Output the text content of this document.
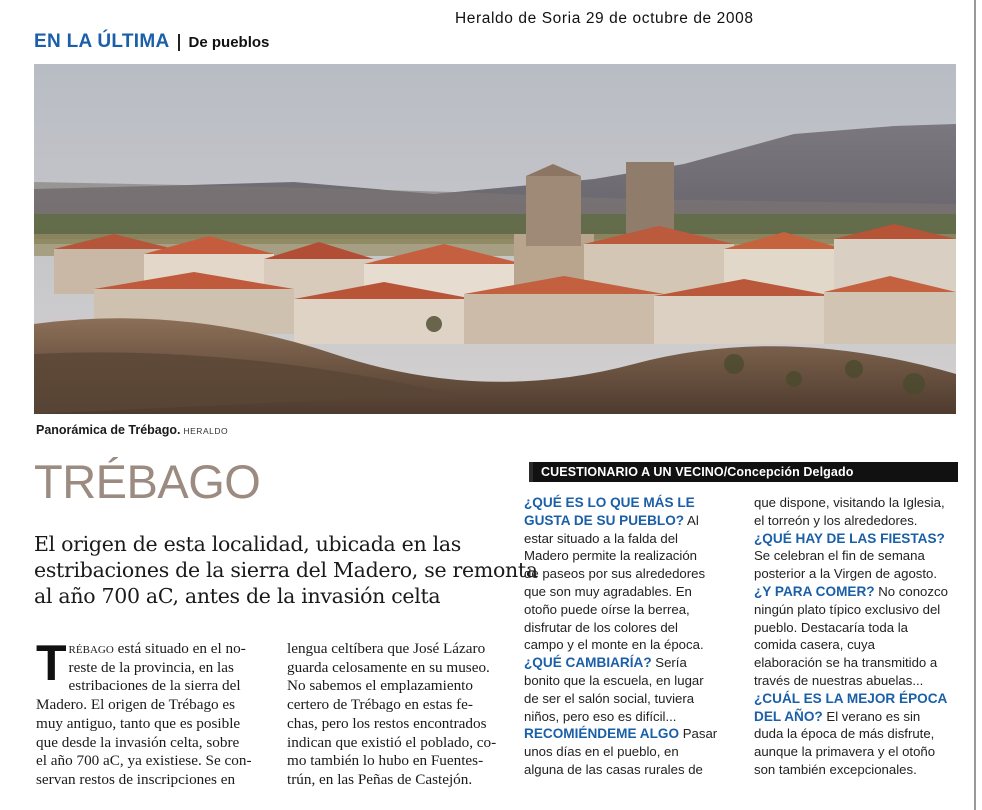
Heraldo de Soria 29 de octubre de 2008
EN LA ÚLTIMA De pueblos
Panorámica de Trébago. HERALDO
TRÉBAGO
El origen de esta localidad, ubicada en las
estribaciones de la sierra del Madero, se remonta
al año 700 aC, antes de la invasión celta
T rébago está situado en el no-
reste de la provincia, en las
estribaciones de la sierra del
Madero. El origen de Trébago es
muy antiguo, tanto que es posible
que desde la invasión celta, sobre
el año 700 aC, ya existiese. Se con-
servan restos de inscripciones en
lengua celtíbera que José Lázaro
guarda celosamente en su museo.
No sabemos el emplazamiento
certero de Trébago en estas fe-
chas, pero los restos encontrados
indican que existió el poblado, co-
mo también lo hubo en Fuentes-
trún, en las Peñas de Castejón.
CUESTIONARIO A UN VECINO/Concepción Delgado
¿QUÉ ES LO QUE MÁS LE
GUSTA DE SU PUEBLO? Al
estar situado a la falda del
Madero permite la realización
de paseos por sus alrededores
que son muy agradables. En
otoño puede oírse la berrea,
disfrutar de los colores del
campo y el monte en la época.
¿QUÉ CAMBIARÍA? Sería
bonito que la escuela, en lugar
de ser el salón social, tuviera
niños, pero eso es difícil...
RECOMIÉNDEME ALGO Pasar
unos días en el pueblo, en
alguna de las casas rurales de
que dispone, visitando la Iglesia,
el torreón y los alrededores.
¿QUÉ HAY DE LAS FIESTAS?
Se celebran el fin de semana
posterior a la Virgen de agosto.
¿Y PARA COMER? No conozco
ningún plato típico exclusivo del
pueblo. Destacaría toda la
comida casera, cuya
elaboración se ha transmitido a
través de nuestras abuelas...
¿CUÁL ES LA MEJOR ÉPOCA
DEL AÑO? El verano es sin
duda la época de más disfrute,
aunque la primavera y el otoño
son también excepcionales.
